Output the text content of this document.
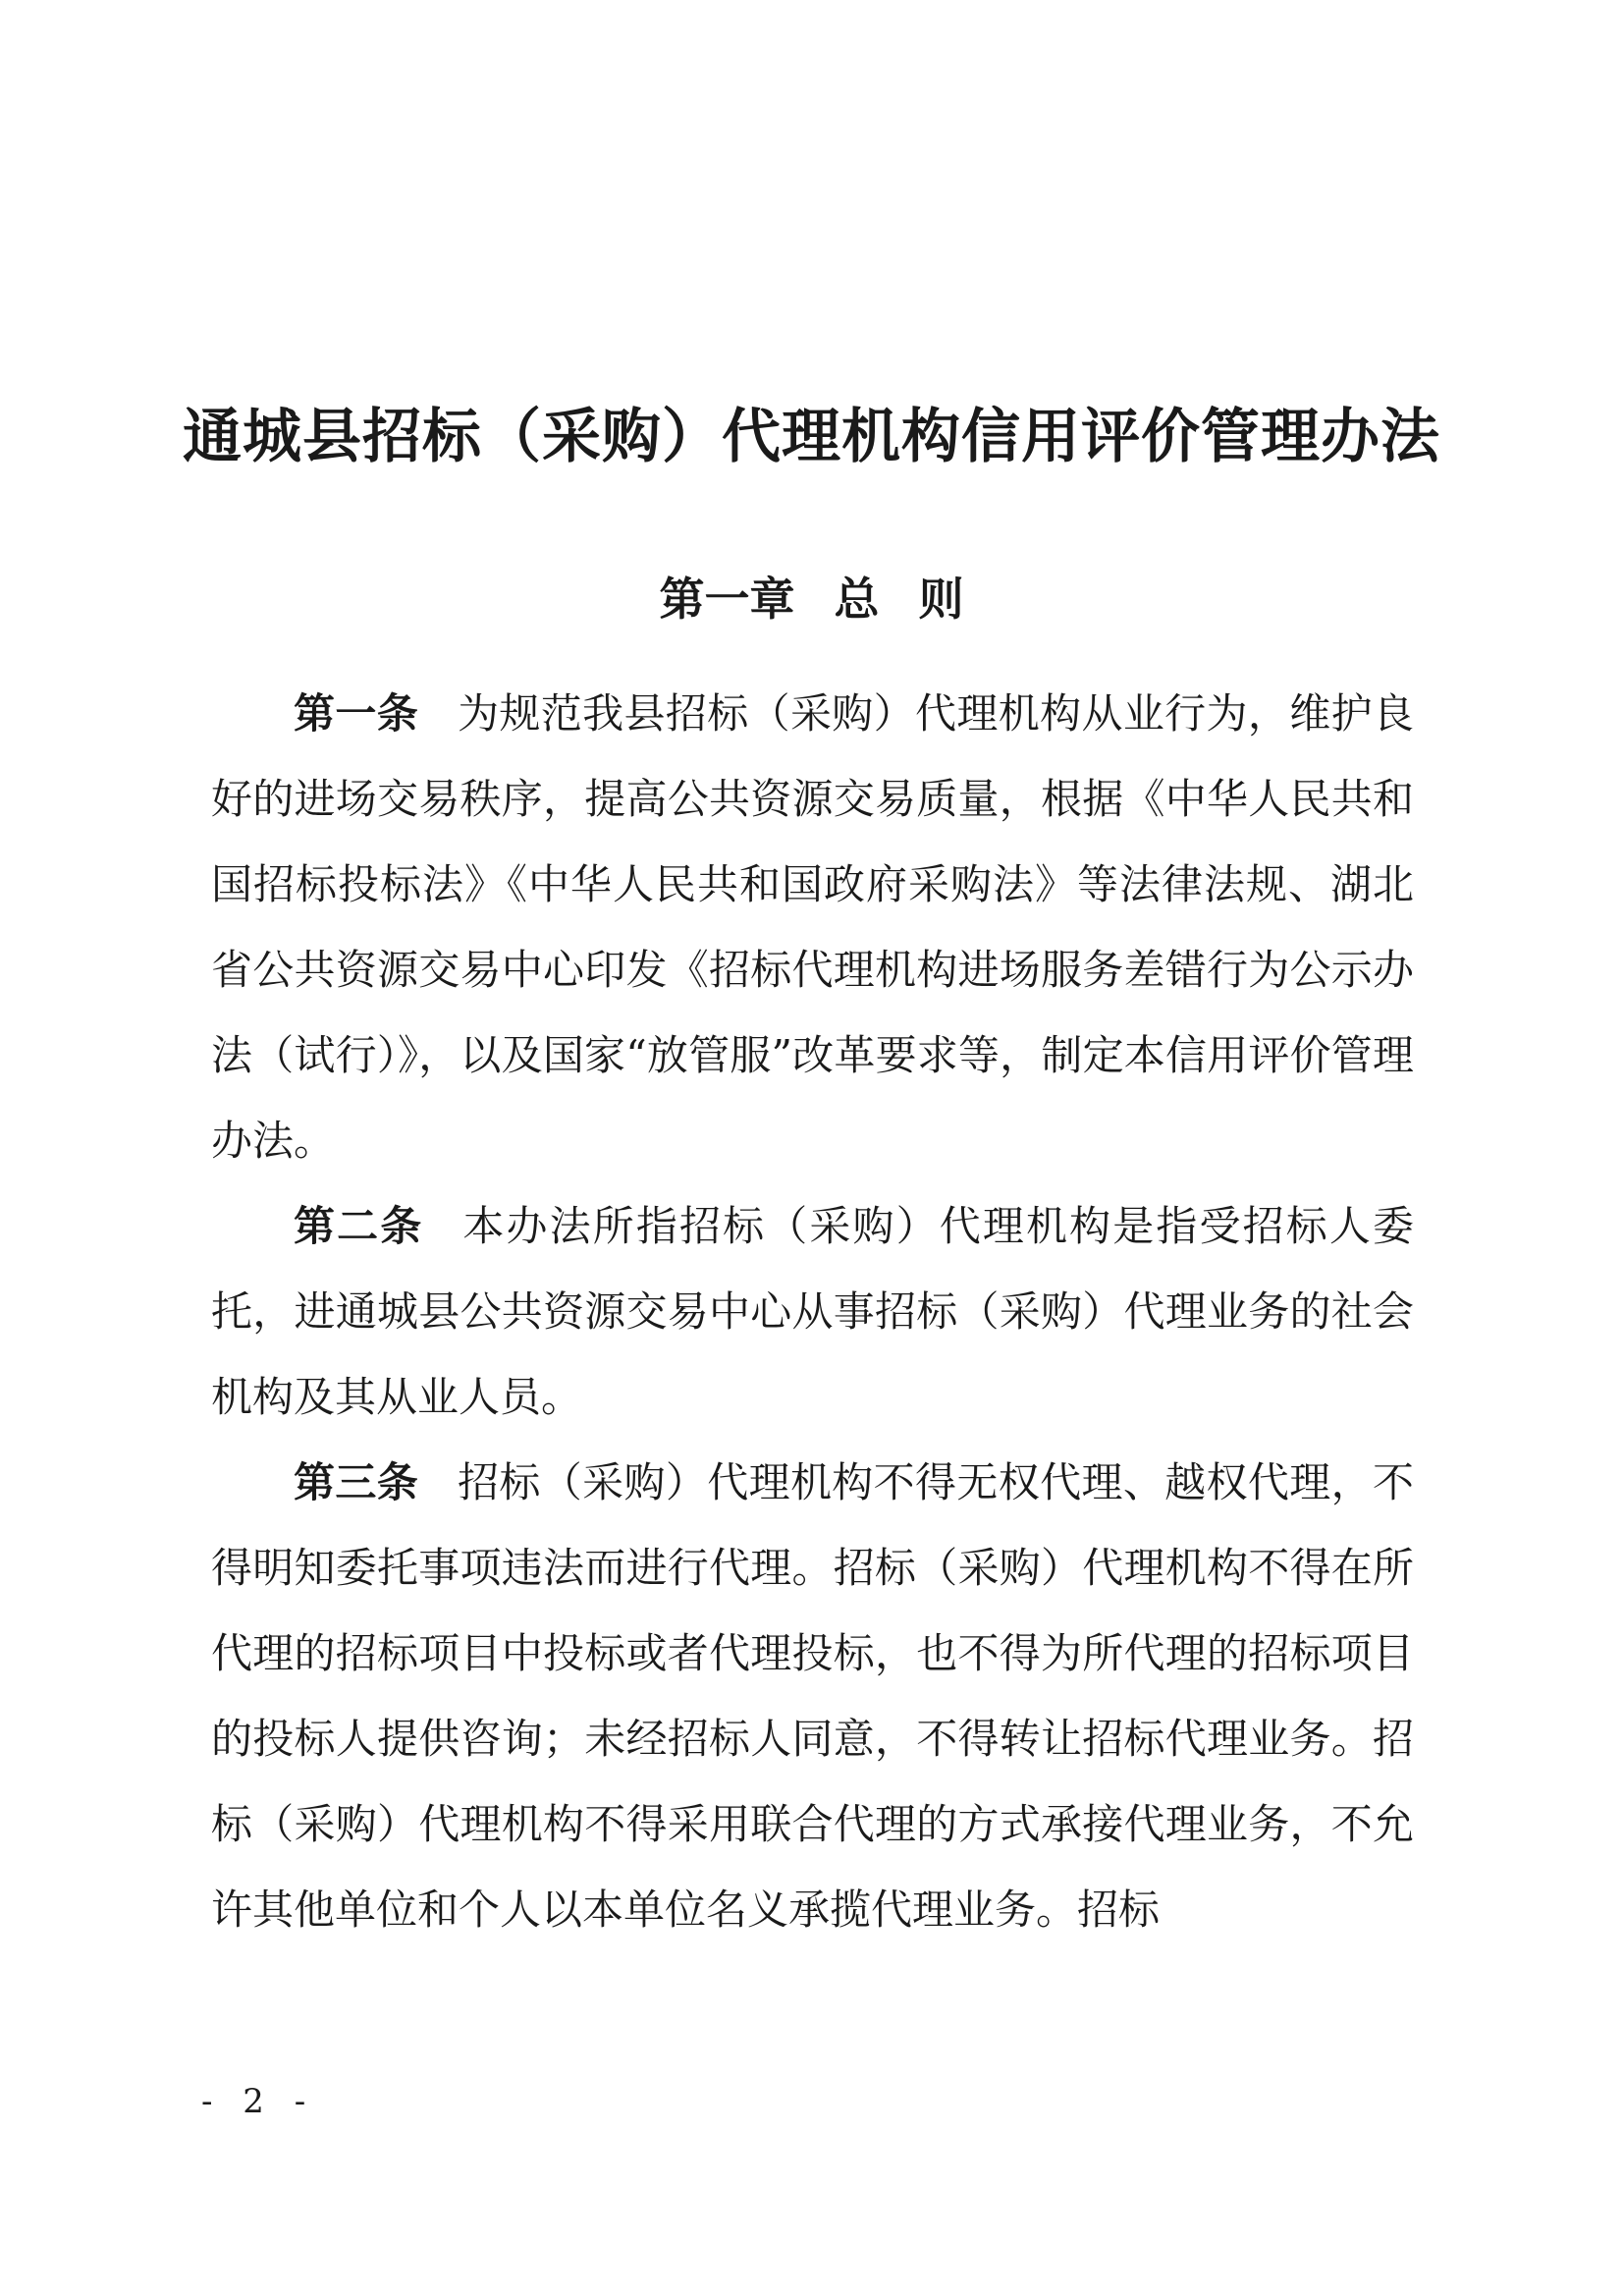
通城县招标（采购）代理机构信用评价管理办法
第一章 总 则

第一条 为规范我县招标（采购）代理机构从业行为，维护良好的进场交易秩序，提高公共资源交易质量，根据《中华人民共和国招标投标法》《中华人民共和国政府采购法》等法律法规、湖北省公共资源交易中心印发《招标代理机构进场服务差错行为公示办法（试行）》，以及国家“放管服”改革要求等，制定本信用评价管理办法。

第二条 本办法所指招标（采购）代理机构是指受招标人委托，进通城县公共资源交易中心从事招标（采购）代理业务的社会机构及其从业人员。

第三条 招标（采购）代理机构不得无权代理、越权代理，不得明知委托事项违法而进行代理。招标（采购）代理机构不得在所代理的招标项目中投标或者代理投标，也不得为所代理的招标项目的投标人提供咨询；未经招标人同意，不得转让招标代理业务。招标（采购）代理机构不得采用联合代理的方式承接代理业务，不允许其他单位和个人以本单位名义承揽代理业务。招标

- 2 -
